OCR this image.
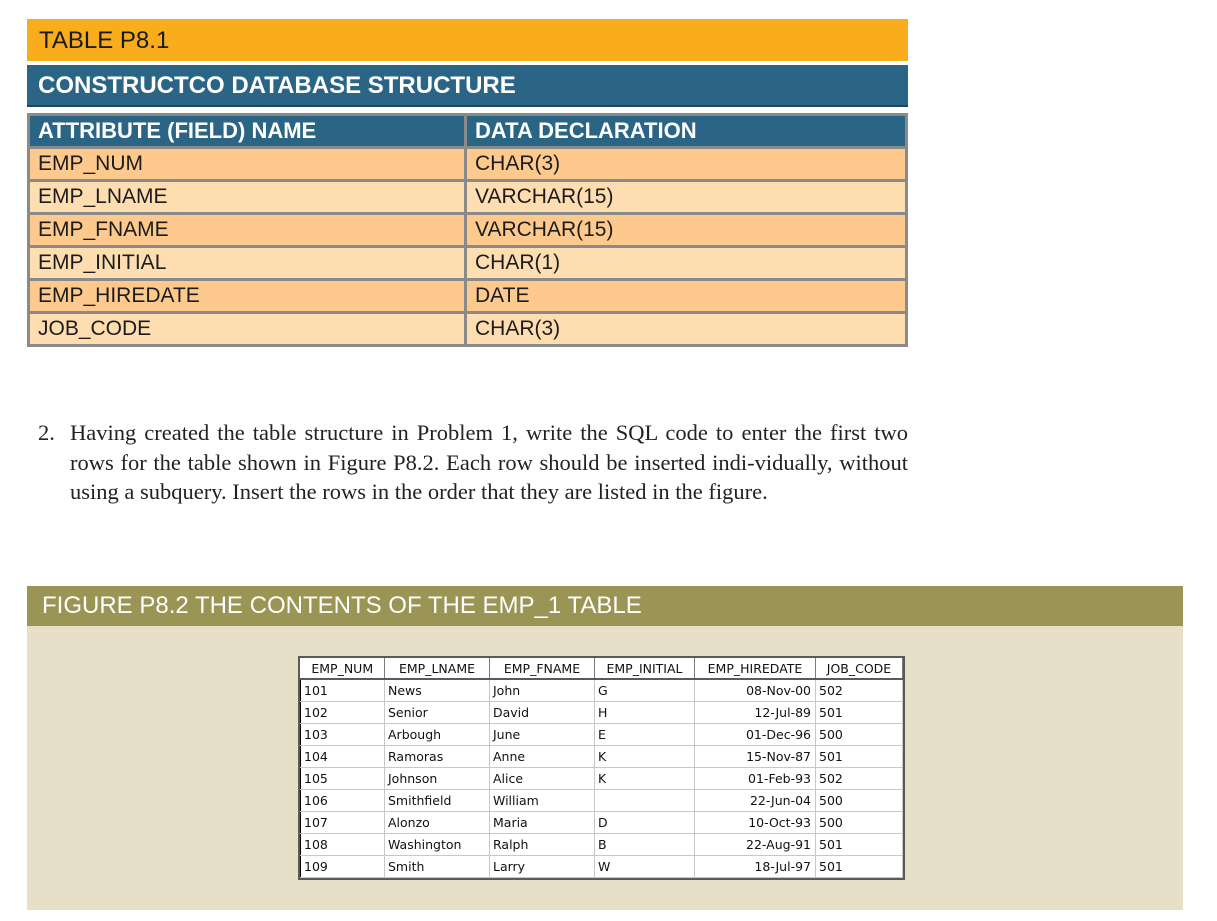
TABLE P8.1
CONSTRUCTCO DATABASE STRUCTURE
ATTRIBUTE (FIELD) NAME	DATA DECLARATION
EMP_NUM	CHAR(3)
EMP_LNAME	VARCHAR(15)
EMP_FNAME	VARCHAR(15)
EMP_INITIAL	CHAR(1)
EMP_HIREDATE	DATE
JOB_CODE	CHAR(3)
2. Having created the table structure in Problem 1, write the SQL code to enter the first two rows for the table shown in Figure P8.2. Each row should be inserted indi-vidually, without using a subquery. Insert the rows in the order that they are listed in the figure.
FIGURE P8.2 THE CONTENTS OF THE EMP_1 TABLE
EMP_NUM	EMP_LNAME	EMP_FNAME	EMP_INITIAL	EMP_HIREDATE	JOB_CODE
101	News	John	G	08-Nov-00	502
102	Senior	David	H	12-Jul-89	501
103	Arbough	June	E	01-Dec-96	500
104	Ramoras	Anne	K	15-Nov-87	501
105	Johnson	Alice	K	01-Feb-93	502
106	Smithfield	William		22-Jun-04	500
107	Alonzo	Maria	D	10-Oct-93	500
108	Washington	Ralph	B	22-Aug-91	501
109	Smith	Larry	W	18-Jul-97	501
